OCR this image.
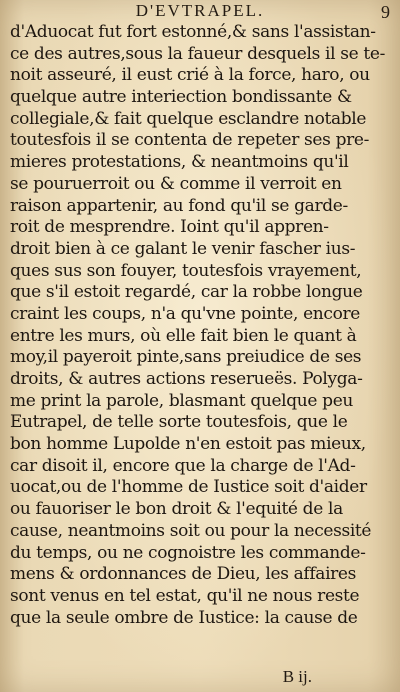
D'EVTRAPEL.	9
d'Aduocat fut fort estonné,& sans l'assistan-
ce des autres,sous la faueur desquels il se te-
noit asseuré, il eust crié à la force, haro, ou
quelque autre interiection bondissante &
collegiale,& fait quelque esclandre notable
toutesfois il se contenta de repeter ses pre-
mieres protestations, & neantmoins qu'il
se pouruerroit ou & comme il verroit en
raison appartenir, au fond qu'il se garde-
roit de mesprendre. Ioint qu'il appren-
droit bien à ce galant le venir fascher ius-
ques sus son fouyer, toutesfois vrayement,
que s'il estoit regardé, car la robbe longue
craint les coups, n'a qu'vne pointe, encore
entre les murs, où elle fait bien le quant à
moy,il payeroit pinte,sans preiudice de ses
droits, & autres actions reserueës. Polyga-
me print la parole, blasmant quelque peu
Eutrapel, de telle sorte toutesfois, que le
bon homme Lupolde n'en estoit pas mieux,
car disoit il, encore que la charge de l'Ad-
uocat,ou de l'homme de Iustice soit d'aider
ou fauoriser le bon droit & l'equité de la
cause, neantmoins soit ou pour la necessité
du temps, ou ne cognoistre les commande-
mens & ordonnances de Dieu, les affaires
sont venus en tel estat, qu'il ne nous reste
que la seule ombre de Iustice: la cause de
B ij.
